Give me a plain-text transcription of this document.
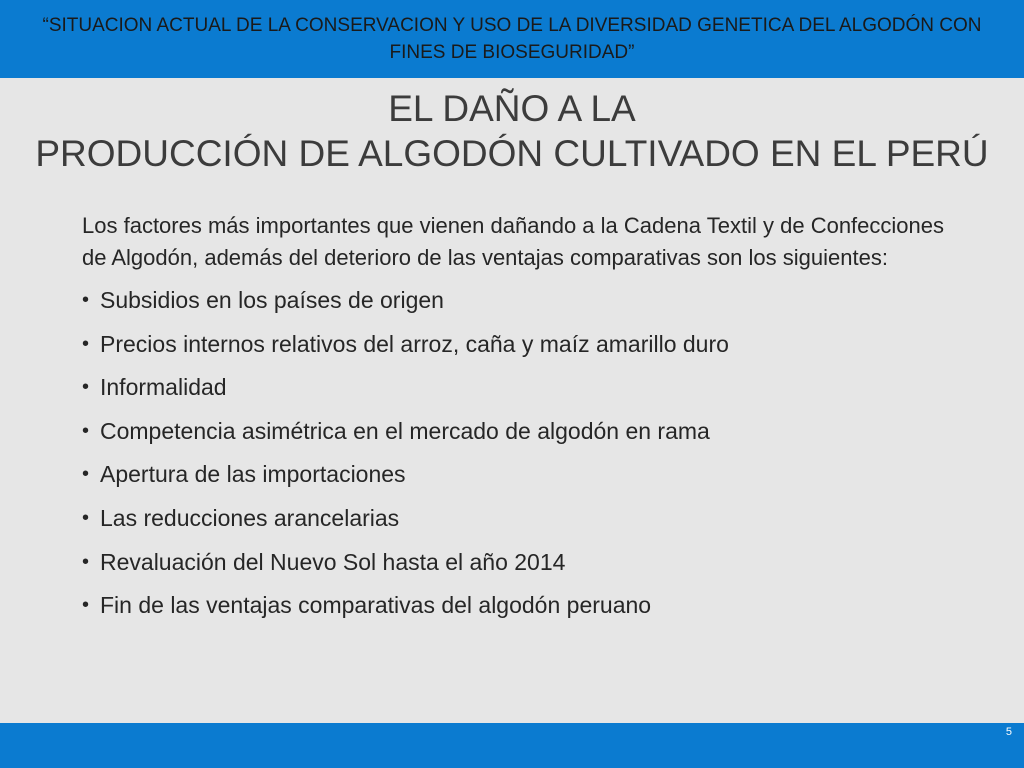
“SITUACION ACTUAL DE LA CONSERVACION Y USO DE LA DIVERSIDAD GENETICA DEL ALGODÓN CON FINES DE BIOSEGURIDAD”
EL DAÑO A LA
PRODUCCIÓN DE ALGODÓN CULTIVADO EN EL PERÚ

Los factores más importantes que vienen dañando a la Cadena Textil y de Confecciones de Algodón, además del deterioro de las ventajas comparativas son los siguientes:

• Subsidios en los países de origen
• Precios internos relativos del arroz, caña y maíz amarillo duro
• Informalidad
• Competencia asimétrica en el mercado de algodón en rama
• Apertura de las importaciones
• Las reducciones arancelarias
• Revaluación del Nuevo Sol hasta el año 2014
• Fin de las ventajas comparativas del algodón peruano
5
